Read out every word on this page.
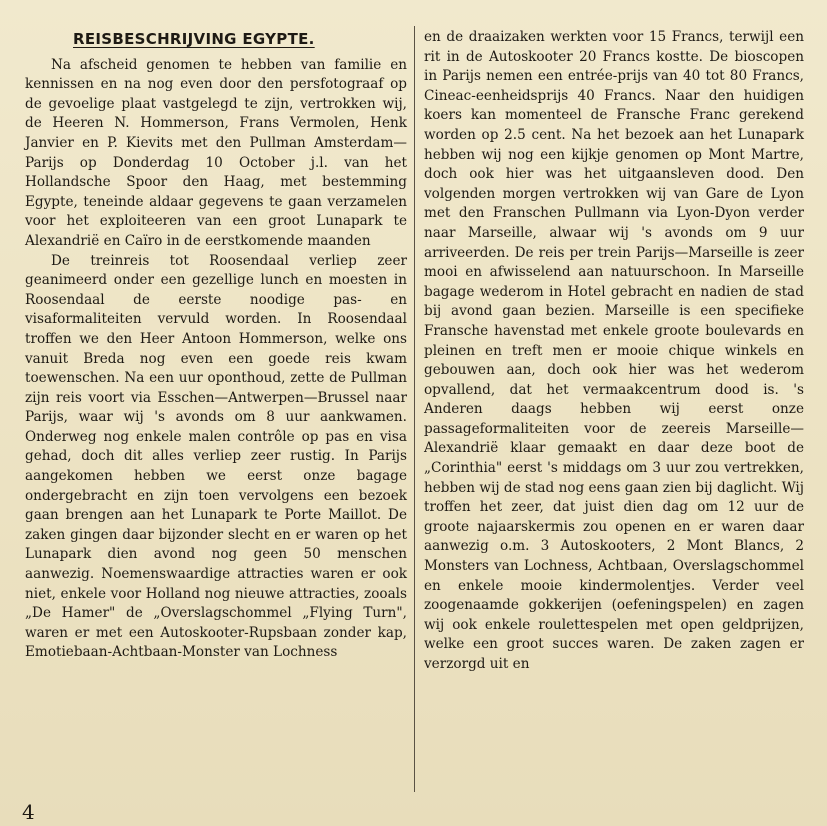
REISBESCHRIJVING EGYPTE.

Na afscheid genomen te hebben van familie en kennissen en na nog even door den persfotograaf op de gevoelige plaat vastgelegd te zijn, vertrokken wij, de Heeren N. Hommerson, Frans Vermolen, Henk Janvier en P. Kievits met den Pullman Amsterdam—Parijs op Donderdag 10 October j.l. van het Hollandsche Spoor den Haag, met bestemming Egypte, teneinde aldaar gegevens te gaan verzamelen voor het exploiteeren van een groot Lunapark te Alexandrië en Caïro in de eerstkomende maanden

De treinreis tot Roosendaal verliep zeer geanimeerd onder een gezellige lunch en moesten in Roosendaal de eerste noodige pas- en visaformaliteiten vervuld worden. In Roosendaal troffen we den Heer Antoon Hommerson, welke ons vanuit Breda nog even een goede reis kwam toewenschen. Na een uur oponthoud, zette de Pullman zijn reis voort via Esschen—Antwerpen—Brussel naar Parijs, waar wij 's avonds om 8 uur aankwamen. Onderweg nog enkele malen contrôle op pas en visa gehad, doch dit alles verliep zeer rustig. In Parijs aangekomen hebben we eerst onze bagage ondergebracht en zijn toen vervolgens een bezoek gaan brengen aan het Lunapark te Porte Maillot. De zaken gingen daar bijzonder slecht en er waren op het Lunapark dien avond nog geen 50 menschen aanwezig. Noemenswaardige attracties waren er ook niet, enkele voor Holland nog nieuwe attracties, zooals „De Hamer" de „Overslagschommel „Flying Turn", waren er met een Autoskooter-Rupsbaan zonder kap, Emotiebaan-Achtbaan-Monster van Lochness

en de draaizaken werkten voor 15 Francs, terwijl een rit in de Autoskooter 20 Francs kostte. De bioscopen in Parijs nemen een entrée-prijs van 40 tot 80 Francs, Cineac-eenheidsprijs 40 Francs. Naar den huidigen koers kan momenteel de Fransche Franc gerekend worden op 2.5 cent. Na het bezoek aan het Lunapark hebben wij nog een kijkje genomen op Mont Martre, doch ook hier was het uitgaansleven dood. Den volgenden morgen vertrokken wij van Gare de Lyon met den Franschen Pullmann via Lyon-Dyon verder naar Marseille, alwaar wij 's avonds om 9 uur arriveerden. De reis per trein Parijs—Marseille is zeer mooi en afwisselend aan natuurschoon. In Marseille bagage wederom in Hotel gebracht en nadien de stad bij avond gaan bezien. Marseille is een specifieke Fransche havenstad met enkele groote boulevards en pleinen en treft men er mooie chique winkels en gebouwen aan, doch ook hier was het wederom opvallend, dat het vermaakcentrum dood is. 's Anderen daags hebben wij eerst onze passageformaliteiten voor de zeereis Marseille—Alexandrië klaar gemaakt en daar deze boot de „Corinthia" eerst 's middags om 3 uur zou vertrekken, hebben wij de stad nog eens gaan zien bij daglicht. Wij troffen het zeer, dat juist dien dag om 12 uur de groote najaarskermis zou openen en er waren daar aanwezig o.m. 3 Autoskooters, 2 Mont Blancs, 2 Monsters van Lochness, Achtbaan, Overslagschommel en enkele mooie kindermolentjes. Verder veel zoogenaamde gokkerijen (oefeningspelen) en zagen wij ook enkele roulettespelen met open geldprijzen, welke een groot succes waren. De zaken zagen er verzorgd uit en

4
